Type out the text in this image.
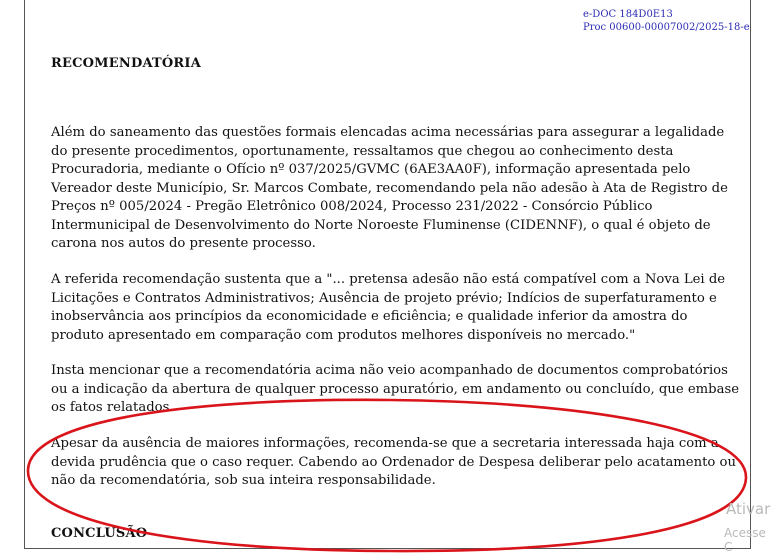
e-DOC 184D0E13
Proc 00600-00007002/2025-18-e
RECOMENDATÓRIA
Além do saneamento das questões formais elencadas acima necessárias para assegurar a legalidade do presente procedimentos, oportunamente, ressaltamos que chegou ao conhecimento desta Procuradoria, mediante o Ofício nº 037/2025/GVMC (6AE3AA0F), informação apresentada pelo Vereador deste Município, Sr. Marcos Combate, recomendando pela não adesão à Ata de Registro de Preços nº 005/2024 - Pregão Eletrônico 008/2024, Processo 231/2022 - Consórcio Público Intermunicipal de Desenvolvimento do Norte Noroeste Fluminense (CIDENNF), o qual é objeto de carona nos autos do presente processo.
A referida recomendação sustenta que a "... pretensa adesão não está compatível com a Nova Lei de Licitações e Contratos Administrativos; Ausência de projeto prévio; Indícios de superfaturamento e inobservância aos princípios da economicidade e eficiência; e qualidade inferior da amostra do produto apresentado em comparação com produtos melhores disponíveis no mercado."
Insta mencionar que a recomendatória acima não veio acompanhado de documentos comprobatórios ou a indicação da abertura de qualquer processo apuratório, em andamento ou concluído, que embase os fatos relatados.
Apesar da ausência de maiores informações, recomenda-se que a secretaria interessada haja com a devida prudência que o caso requer. Cabendo ao Ordenador de Despesa deliberar pelo acatamento ou não da recomendatória, sob sua inteira responsabilidade.
CONCLUSÃO
Ativar
Acesse C
